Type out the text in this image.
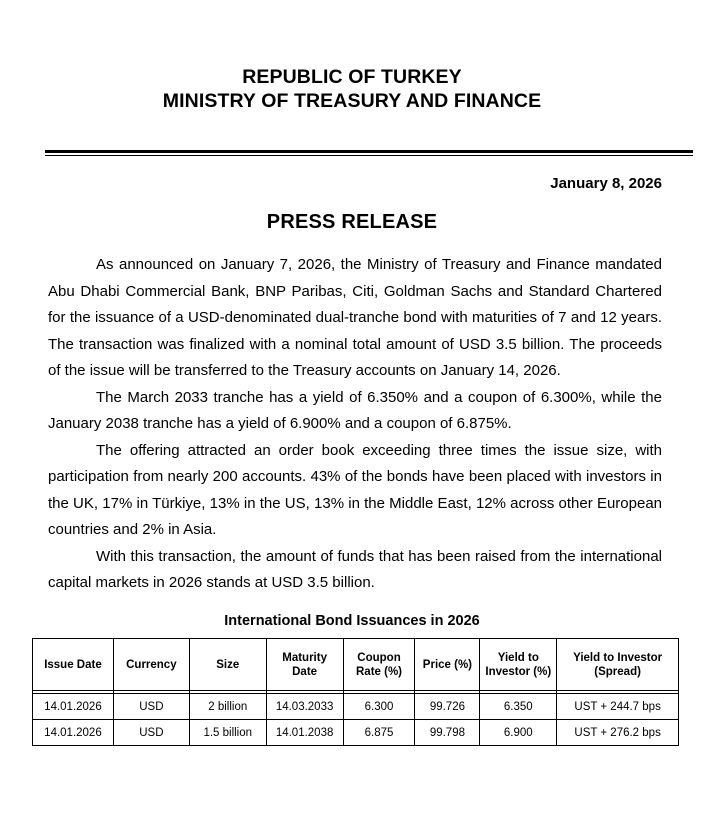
REPUBLIC OF TURKEY
MINISTRY OF TREASURY AND FINANCE
January 8, 2026
PRESS RELEASE

As announced on January 7, 2026, the Ministry of Treasury and Finance mandated Abu Dhabi Commercial Bank, BNP Paribas, Citi, Goldman Sachs and Standard Chartered for the issuance of a USD-denominated dual-tranche bond with maturities of 7 and 12 years. The transaction was finalized with a nominal total amount of USD 3.5 billion. The proceeds of the issue will be transferred to the Treasury accounts on January 14, 2026.

The March 2033 tranche has a yield of 6.350% and a coupon of 6.300%, while the January 2038 tranche has a yield of 6.900% and a coupon of 6.875%.

The offering attracted an order book exceeding three times the issue size, with participation from nearly 200 accounts. 43% of the bonds have been placed with investors in the UK, 17% in Türkiye, 13% in the US, 13% in the Middle East, 12% across other European countries and 2% in Asia.

With this transaction, the amount of funds that has been raised from the international capital markets in 2026 stands at USD 3.5 billion.

International Bond Issuances in 2026
Issue Date	Currency	Size	Maturity Date	Coupon Rate (%)	Price (%)	Yield to Investor (%)	Yield to Investor (Spread)

14.01.2026	USD	2 billion	14.03.2033	6.300	99.726	6.350	UST + 244.7 bps
14.01.2026	USD	1.5 billion	14.01.2038	6.875	99.798	6.900	UST + 276.2 bps
